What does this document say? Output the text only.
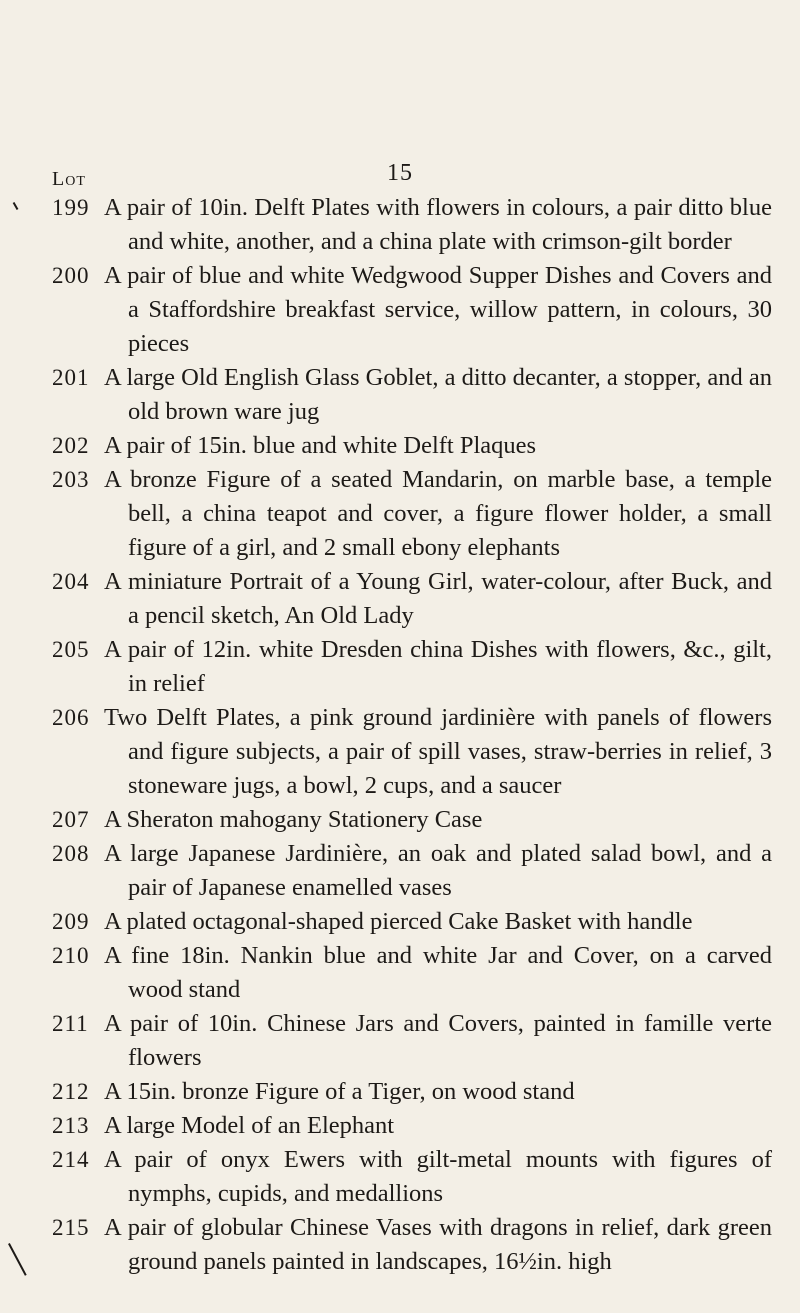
15
Lot
199 A pair of 10in. Delft Plates with flowers in colours, a pair ditto blue and white, another, and a china plate with crimson-gilt border
200 A pair of blue and white Wedgwood Supper Dishes and Covers and a Staffordshire breakfast service, willow pattern, in colours, 30 pieces
201 A large Old English Glass Goblet, a ditto decanter, a stopper, and an old brown ware jug
202 A pair of 15in. blue and white Delft Plaques
203 A bronze Figure of a seated Mandarin, on marble base, a temple bell, a china teapot and cover, a figure flower holder, a small figure of a girl, and 2 small ebony elephants
204 A miniature Portrait of a Young Girl, water-colour, after Buck, and a pencil sketch, An Old Lady
205 A pair of 12in. white Dresden china Dishes with flowers, &c., gilt, in relief
206 Two Delft Plates, a pink ground jardinière with panels of flowers and figure subjects, a pair of spill vases, straw-berries in relief, 3 stoneware jugs, a bowl, 2 cups, and a saucer
207 A Sheraton mahogany Stationery Case
208 A large Japanese Jardinière, an oak and plated salad bowl, and a pair of Japanese enamelled vases
209 A plated octagonal-shaped pierced Cake Basket with handle
210 A fine 18in. Nankin blue and white Jar and Cover, on a carved wood stand
211 A pair of 10in. Chinese Jars and Covers, painted in famille verte flowers
212 A 15in. bronze Figure of a Tiger, on wood stand
213 A large Model of an Elephant
214 A pair of onyx Ewers with gilt-metal mounts with figures of nymphs, cupids, and medallions
215 A pair of globular Chinese Vases with dragons in relief, dark green ground panels painted in landscapes, 16½in. high
